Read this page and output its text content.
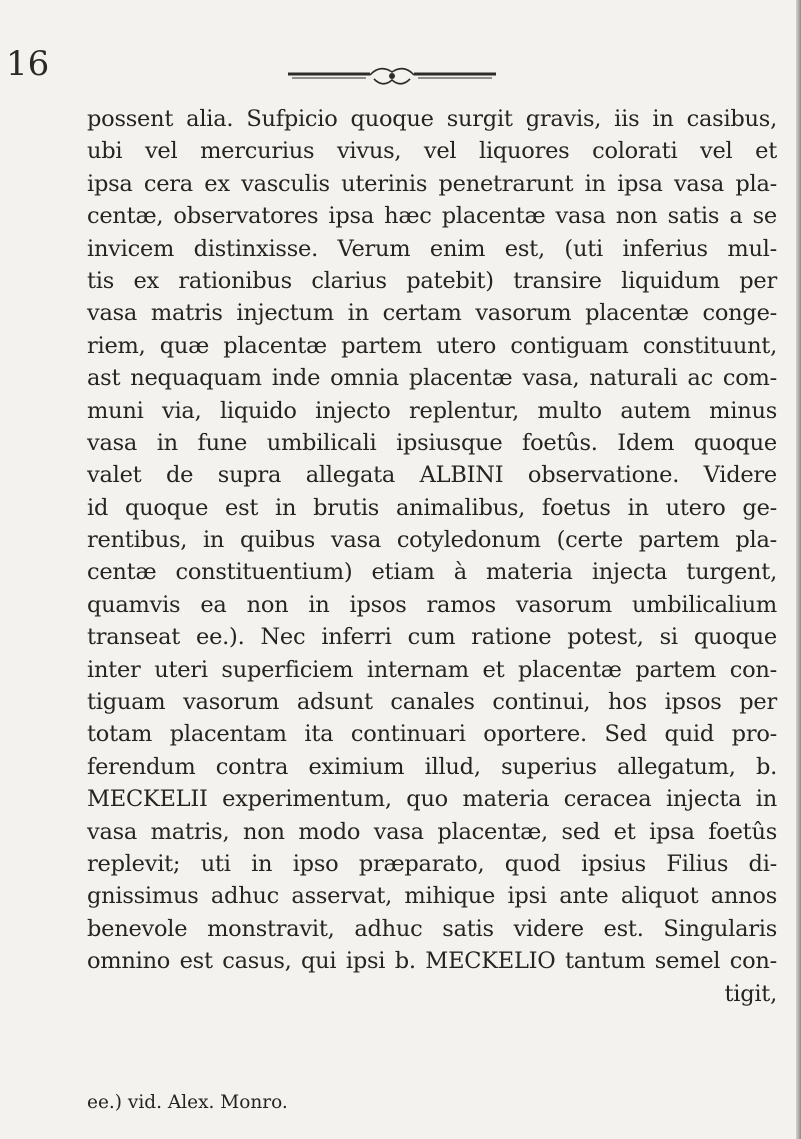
16
possent alia. Sufpicio quoque surgit gravis, iis in casibus,
ubi vel mercurius vivus, vel liquores colorati vel et
ipsa cera ex vasculis uterinis penetrarunt in ipsa vasa pla-
centæ, observatores ipsa hæc placentæ vasa non satis a se
invicem distinxisse. Verum enim est, (uti inferius mul-
tis ex rationibus clarius patebit) transire liquidum per
vasa matris injectum in certam vasorum placentæ conge-
riem, quæ placentæ partem utero contiguam constituunt,
ast nequaquam inde omnia placentæ vasa, naturali ac com-
muni via, liquido injecto replentur, multo autem minus
vasa in fune umbilicali ipsiusque foetûs. Idem quoque
valet de supra allegata ALBINI observatione. Videre
id quoque est in brutis animalibus, foetus in utero ge-
rentibus, in quibus vasa cotyledonum (certe partem pla-
centæ constituentium) etiam à materia injecta turgent,
quamvis ea non in ipsos ramos vasorum umbilicalium
transeat ee.). Nec inferri cum ratione potest, si quoque
inter uteri superficiem internam et placentæ partem con-
tiguam vasorum adsunt canales continui, hos ipsos per
totam placentam ita continuari oportere. Sed quid pro-
ferendum contra eximium illud, superius allegatum, b.
MECKELII experimentum, quo materia ceracea injecta in
vasa matris, non modo vasa placentæ, sed et ipsa foetûs
replevit; uti in ipso præparato, quod ipsius Filius di-
gnissimus adhuc asservat, mihique ipsi ante aliquot annos
benevole monstravit, adhuc satis videre est. Singularis
omnino est casus, qui ipsi b. MECKELIO tantum semel con-
tigit,
ee.) vid. Alex. Monro.
